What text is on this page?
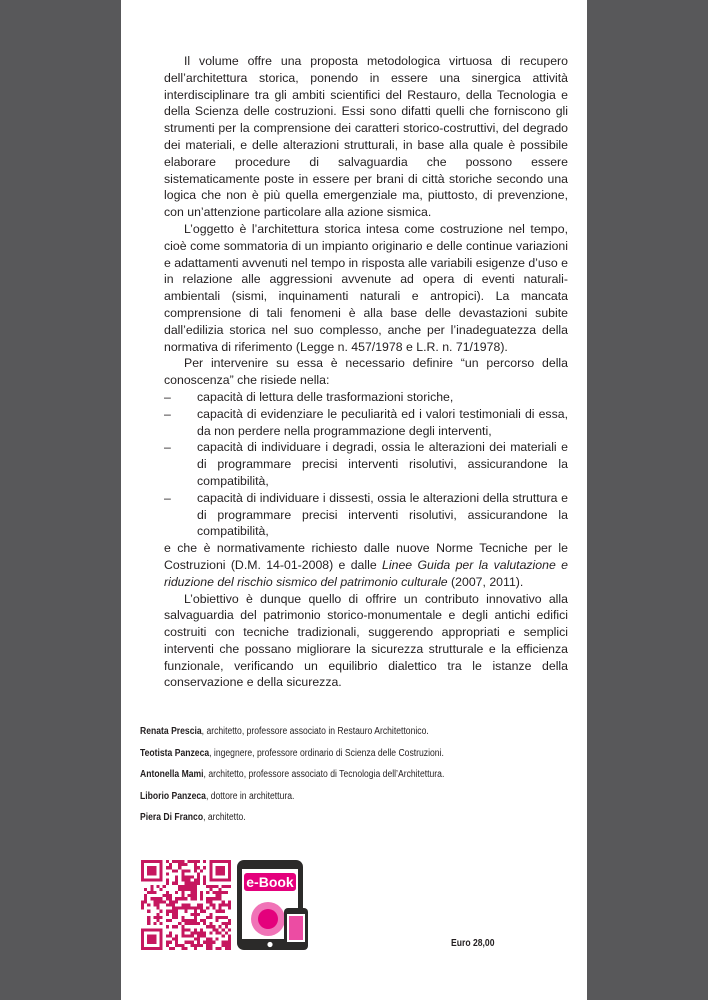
Il volume offre una proposta metodologica virtuosa di recupero dell’architettura storica, ponendo in essere una sinergica attività interdisciplinare tra gli ambiti scientifici del Restauro, della Tecnologia e della Scienza delle costruzioni. Essi sono difatti quelli che forniscono gli strumenti per la comprensione dei caratteri storico-costruttivi, del degrado dei materiali, e delle alterazioni strutturali, in base alla quale è possibile elaborare procedure di salvaguardia che possono essere sistematicamente poste in essere per brani di città storiche secondo una logica che non è più quella emergenziale ma, piuttosto, di prevenzione, con un’attenzione particolare alla azione sismica.

L’oggetto è l’architettura storica intesa come costruzione nel tempo, cioè come sommatoria di un impianto originario e delle continue variazioni e adattamenti avvenuti nel tempo in risposta alle variabili esigenze d’uso e in relazione alle aggressioni avvenute ad opera di eventi naturali-ambientali (sismi, inquinamenti naturali e antropici). La mancata comprensione di tali fenomeni è alla base delle devastazioni subite dall’edilizia storica nel suo complesso, anche per l’inadeguatezza della normativa di riferimento (Legge n. 457/1978 e L.R. n. 71/1978).

Per intervenire su essa è necessario definire “un percorso della conoscenza” che risiede nella:

–	capacità di lettura delle trasformazioni storiche,
–	capacità di evidenziare le peculiarità ed i valori testimoniali di essa, da non perdere nella programmazione degli interventi,
–	capacità di individuare i degradi, ossia le alterazioni dei materiali e di programmare precisi interventi risolutivi, assicurandone la compatibilità,
–	capacità di individuare i dissesti, ossia le alterazioni della struttura e di programmare precisi interventi risolutivi, assicurandone la compatibilità,

e che è normativamente richiesto dalle nuove Norme Tecniche per le Costruzioni (D.M. 14-01-2008) e dalle Linee Guida per la valutazione e riduzione del rischio sismico del patrimonio culturale (2007, 2011).

L’obiettivo è dunque quello di offrire un contributo innovativo alla salvaguardia del patrimonio storico-monumentale e degli antichi edifici costruiti con tecniche tradizionali, suggerendo appropriati e semplici interventi che possano migliorare la sicurezza strutturale e la efficienza funzionale, verificando un equilibrio dialettico tra le istanze della conservazione e della sicurezza.

Renata Prescia, architetto, professore associato in Restauro Architettonico.
Teotista Panzeca, ingegnere, professore ordinario di Scienza delle Costruzioni.
Antonella Mami, architetto, professore associato di Tecnologia dell’Architettura.
Liborio Panzeca, dottore in architettura.
Piera Di Franco, architetto.
e-Book
Euro 28,00
